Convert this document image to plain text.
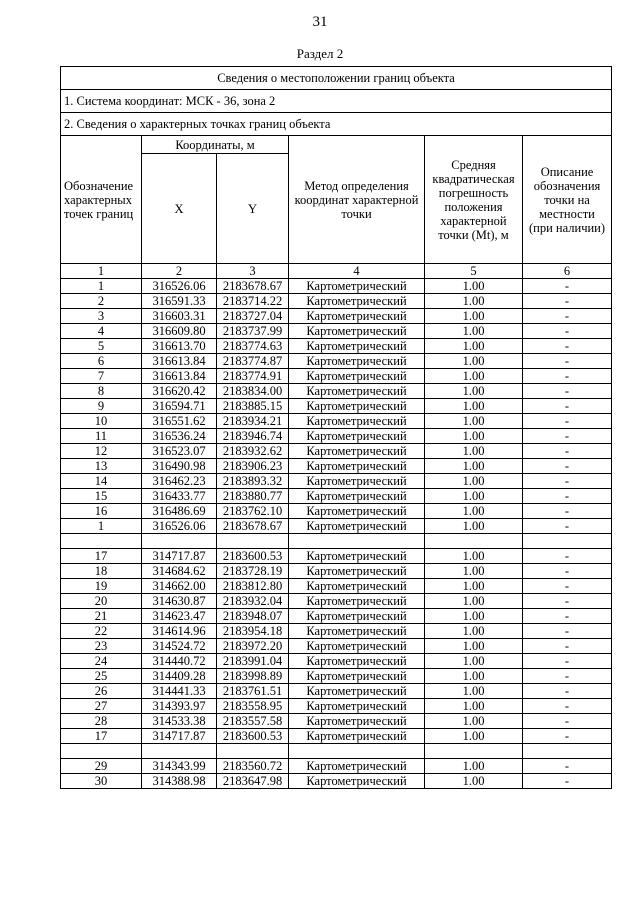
31
Раздел 2
Сведения о местоположении границ объекта					
1. Система координат: МСК - 36, зона 2					
2. Сведения о характерных точках границ объекта					
Обозначение характерных точек границ	Координаты, м		Метод определения координат характерной точки	Средняя квадратическая погрешность положения характерной точки (Mt), м	Описание обозначения точки на местности (при наличии)
	X	Y			
1	2	3	4	5	6
1	316526.06	2183678.67	Картометрический	1.00	-
2	316591.33	2183714.22	Картометрический	1.00	-
3	316603.31	2183727.04	Картометрический	1.00	-
4	316609.80	2183737.99	Картометрический	1.00	-
5	316613.70	2183774.63	Картометрический	1.00	-
6	316613.84	2183774.87	Картометрический	1.00	-
7	316613.84	2183774.91	Картометрический	1.00	-
8	316620.42	2183834.00	Картометрический	1.00	-
9	316594.71	2183885.15	Картометрический	1.00	-
10	316551.62	2183934.21	Картометрический	1.00	-
11	316536.24	2183946.74	Картометрический	1.00	-
12	316523.07	2183932.62	Картометрический	1.00	-
13	316490.98	2183906.23	Картометрический	1.00	-
14	316462.23	2183893.32	Картометрический	1.00	-
15	316433.77	2183880.77	Картометрический	1.00	-
16	316486.69	2183762.10	Картометрический	1.00	-
1	316526.06	2183678.67	Картометрический	1.00	-

17	314717.87	2183600.53	Картометрический	1.00	-
18	314684.62	2183728.19	Картометрический	1.00	-
19	314662.00	2183812.80	Картометрический	1.00	-
20	314630.87	2183932.04	Картометрический	1.00	-
21	314623.47	2183948.07	Картометрический	1.00	-
22	314614.96	2183954.18	Картометрический	1.00	-
23	314524.72	2183972.20	Картометрический	1.00	-
24	314440.72	2183991.04	Картометрический	1.00	-
25	314409.28	2183998.89	Картометрический	1.00	-
26	314441.33	2183761.51	Картометрический	1.00	-
27	314393.97	2183558.95	Картометрический	1.00	-
28	314533.38	2183557.58	Картометрический	1.00	-
17	314717.87	2183600.53	Картометрический	1.00	-

29	314343.99	2183560.72	Картометрический	1.00	-
30	314388.98	2183647.98	Картометрический	1.00	-
